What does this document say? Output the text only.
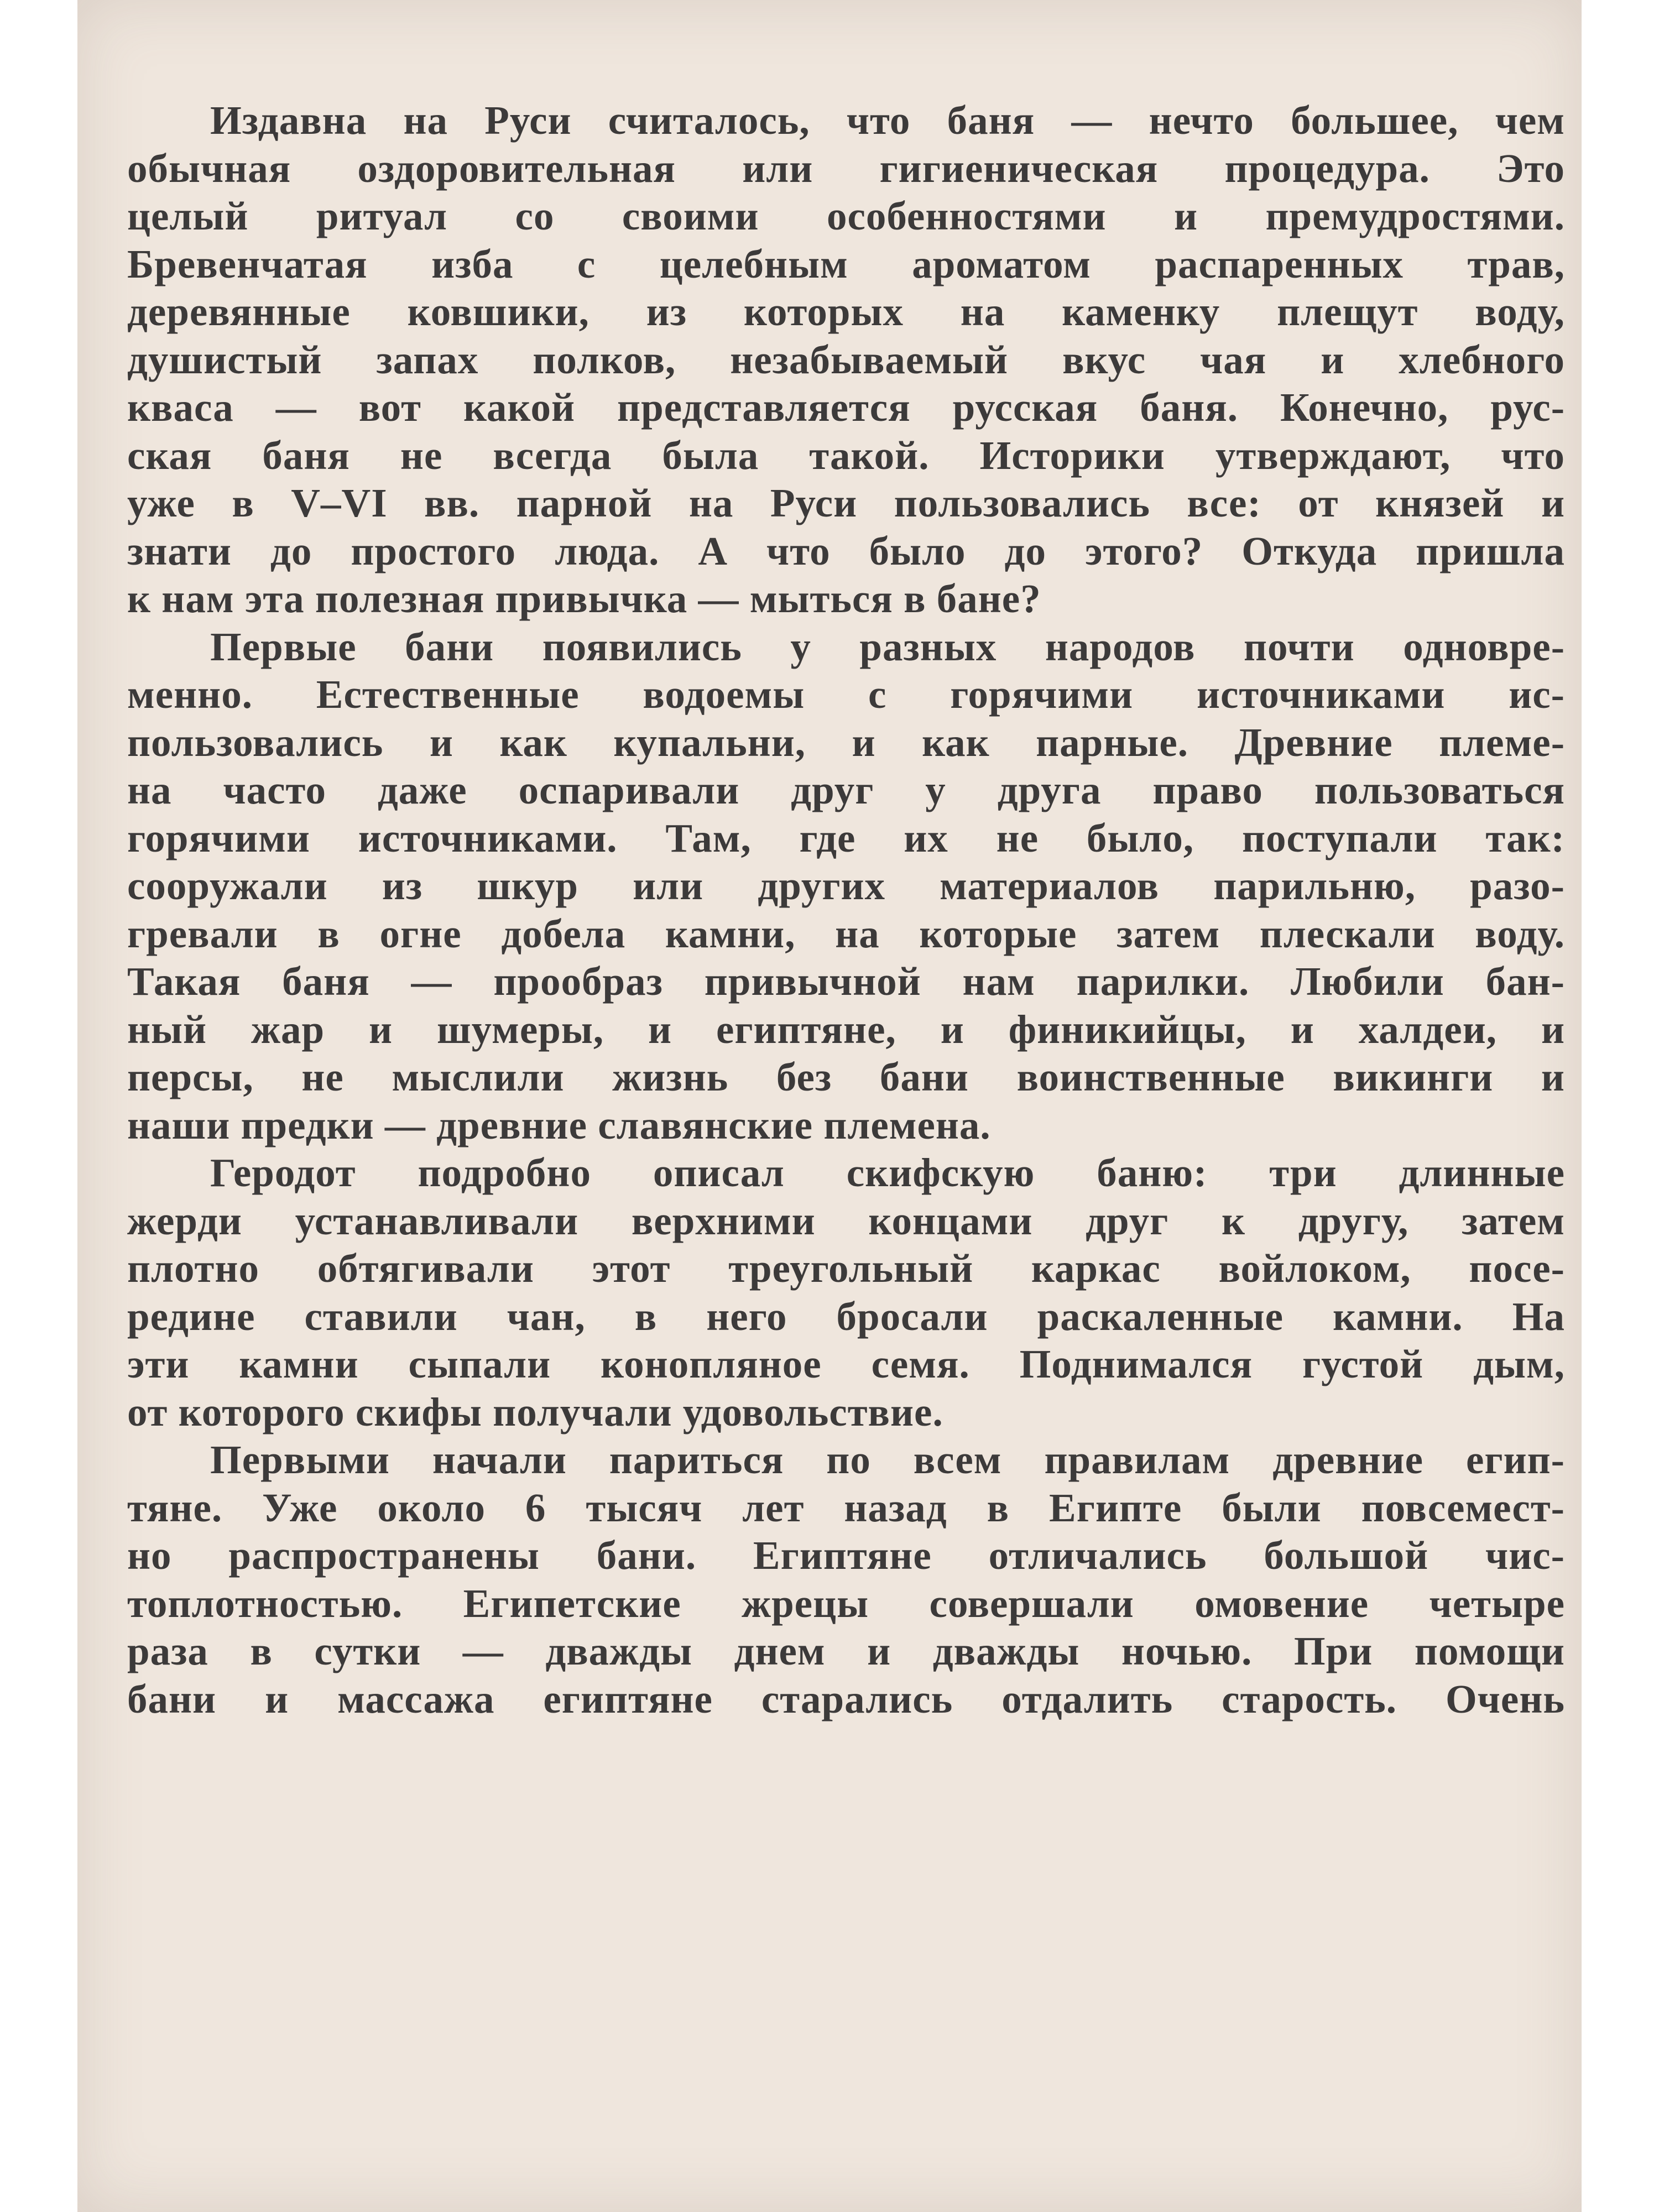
Издавна на Руси считалось, что баня — нечто большее, чем

обычная оздоровительная или гигиеническая процедура. Это

целый ритуал со своими особенностями и премудростями.

Бревенчатая изба с целебным ароматом распаренных трав,

деревянные ковшики, из которых на каменку плещут воду,

душистый запах полков, незабываемый вкус чая и хлебного

кваса — вот какой представляется русская баня. Конечно, рус-

ская баня не всегда была такой. Историки утверждают, что

уже в V–VI вв. парной на Руси пользовались все: от князей и

знати до простого люда. А что было до этого? Откуда пришла

к нам эта полезная привычка — мыться в бане?

Первые бани появились у разных народов почти одновре-

менно. Естественные водоемы с горячими источниками ис-

пользовались и как купальни, и как парные. Древние племе-

на часто даже оспаривали друг у друга право пользоваться

горячими источниками. Там, где их не было, поступали так:

сооружали из шкур или других материалов парильню, разо-

гревали в огне добела камни, на которые затем плескали воду.

Такая баня — прообраз привычной нам парилки. Любили бан-

ный жар и шумеры, и египтяне, и финикийцы, и халдеи, и

персы, не мыслили жизнь без бани воинственные викинги и

наши предки — древние славянские племена.

Геродот подробно описал скифскую баню: три длинные

жерди устанавливали верхними концами друг к другу, затем

плотно обтягивали этот треугольный каркас войлоком, посе-

редине ставили чан, в него бросали раскаленные камни. На

эти камни сыпали конопляное семя. Поднимался густой дым,

от которого скифы получали удовольствие.

Первыми начали париться по всем правилам древние егип-

тяне. Уже около 6 тысяч лет назад в Египте были повсемест-

но распространены бани. Египтяне отличались большой чис-

топлотностью. Египетские жрецы совершали омовение четыре

раза в сутки — дважды днем и дважды ночью. При помощи

бани и массажа египтяне старались отдалить старость. Очень
